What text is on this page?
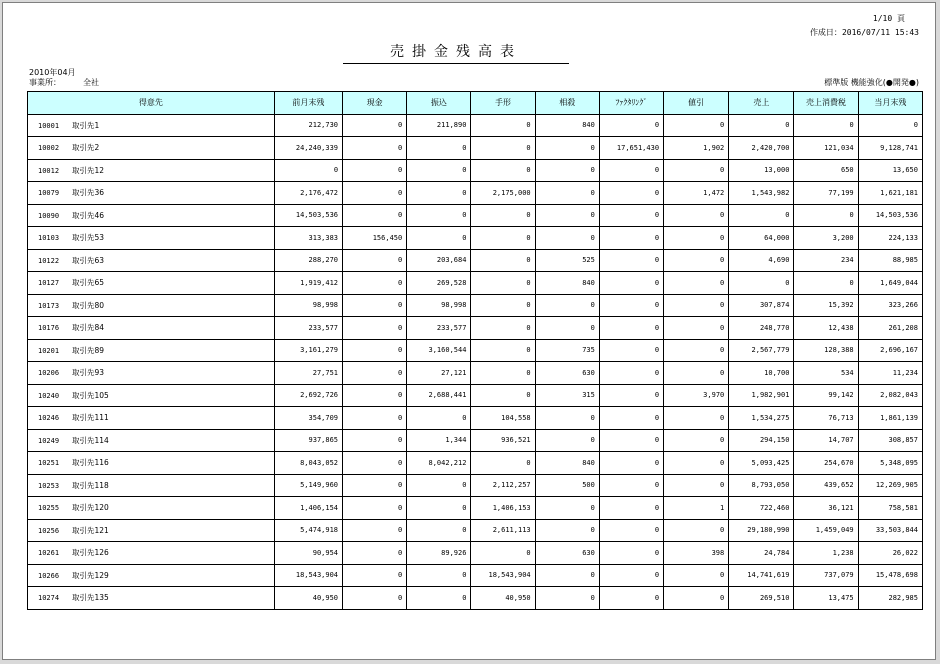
1/10 頁
作成日：2016/07/11 15:43
売掛金残高表
2010年04月
事業所：	全社	標準版 機能強化(●開発●)
得意先	前月末残	現金	振込	手形	相殺	ﾌｧｸﾀﾘﾝｸﾞ	値引	売上	売上消費税	当月末残
10001 取引先1	212,730	0	211,890	0	840	0	0	0	0	0
10002 取引先2	24,240,339	0	0	0	0	17,651,430	1,902	2,420,700	121,034	9,128,741
10012 取引先12	0	0	0	0	0	0	0	13,000	650	13,650
10079 取引先36	2,176,472	0	0	2,175,000	0	0	1,472	1,543,982	77,199	1,621,181
10090 取引先46	14,503,536	0	0	0	0	0	0	0	0	14,503,536
10103 取引先53	313,383	156,450	0	0	0	0	0	64,000	3,200	224,133
10122 取引先63	288,270	0	203,684	0	525	0	0	4,690	234	88,985
10127 取引先65	1,919,412	0	269,528	0	840	0	0	0	0	1,649,044
10173 取引先80	98,998	0	98,998	0	0	0	0	307,874	15,392	323,266
10176 取引先84	233,577	0	233,577	0	0	0	0	248,770	12,438	261,208
10201 取引先89	3,161,279	0	3,160,544	0	735	0	0	2,567,779	128,388	2,696,167
10206 取引先93	27,751	0	27,121	0	630	0	0	10,700	534	11,234
10240 取引先105	2,692,726	0	2,688,441	0	315	0	3,970	1,982,901	99,142	2,082,043
10246 取引先111	354,709	0	0	104,558	0	0	0	1,534,275	76,713	1,861,139
10249 取引先114	937,865	0	1,344	936,521	0	0	0	294,150	14,707	308,857
10251 取引先116	8,043,052	0	8,042,212	0	840	0	0	5,093,425	254,670	5,348,095
10253 取引先118	5,149,960	0	0	2,112,257	500	0	0	8,793,050	439,652	12,269,905
10255 取引先120	1,406,154	0	0	1,406,153	0	0	1	722,460	36,121	758,581
10256 取引先121	5,474,918	0	0	2,611,113	0	0	0	29,180,990	1,459,049	33,503,844
10261 取引先126	90,954	0	89,926	0	630	0	398	24,784	1,238	26,022
10266 取引先129	18,543,904	0	0	18,543,904	0	0	0	14,741,619	737,079	15,478,698
10274 取引先135	40,950	0	0	40,950	0	0	0	269,510	13,475	282,985
